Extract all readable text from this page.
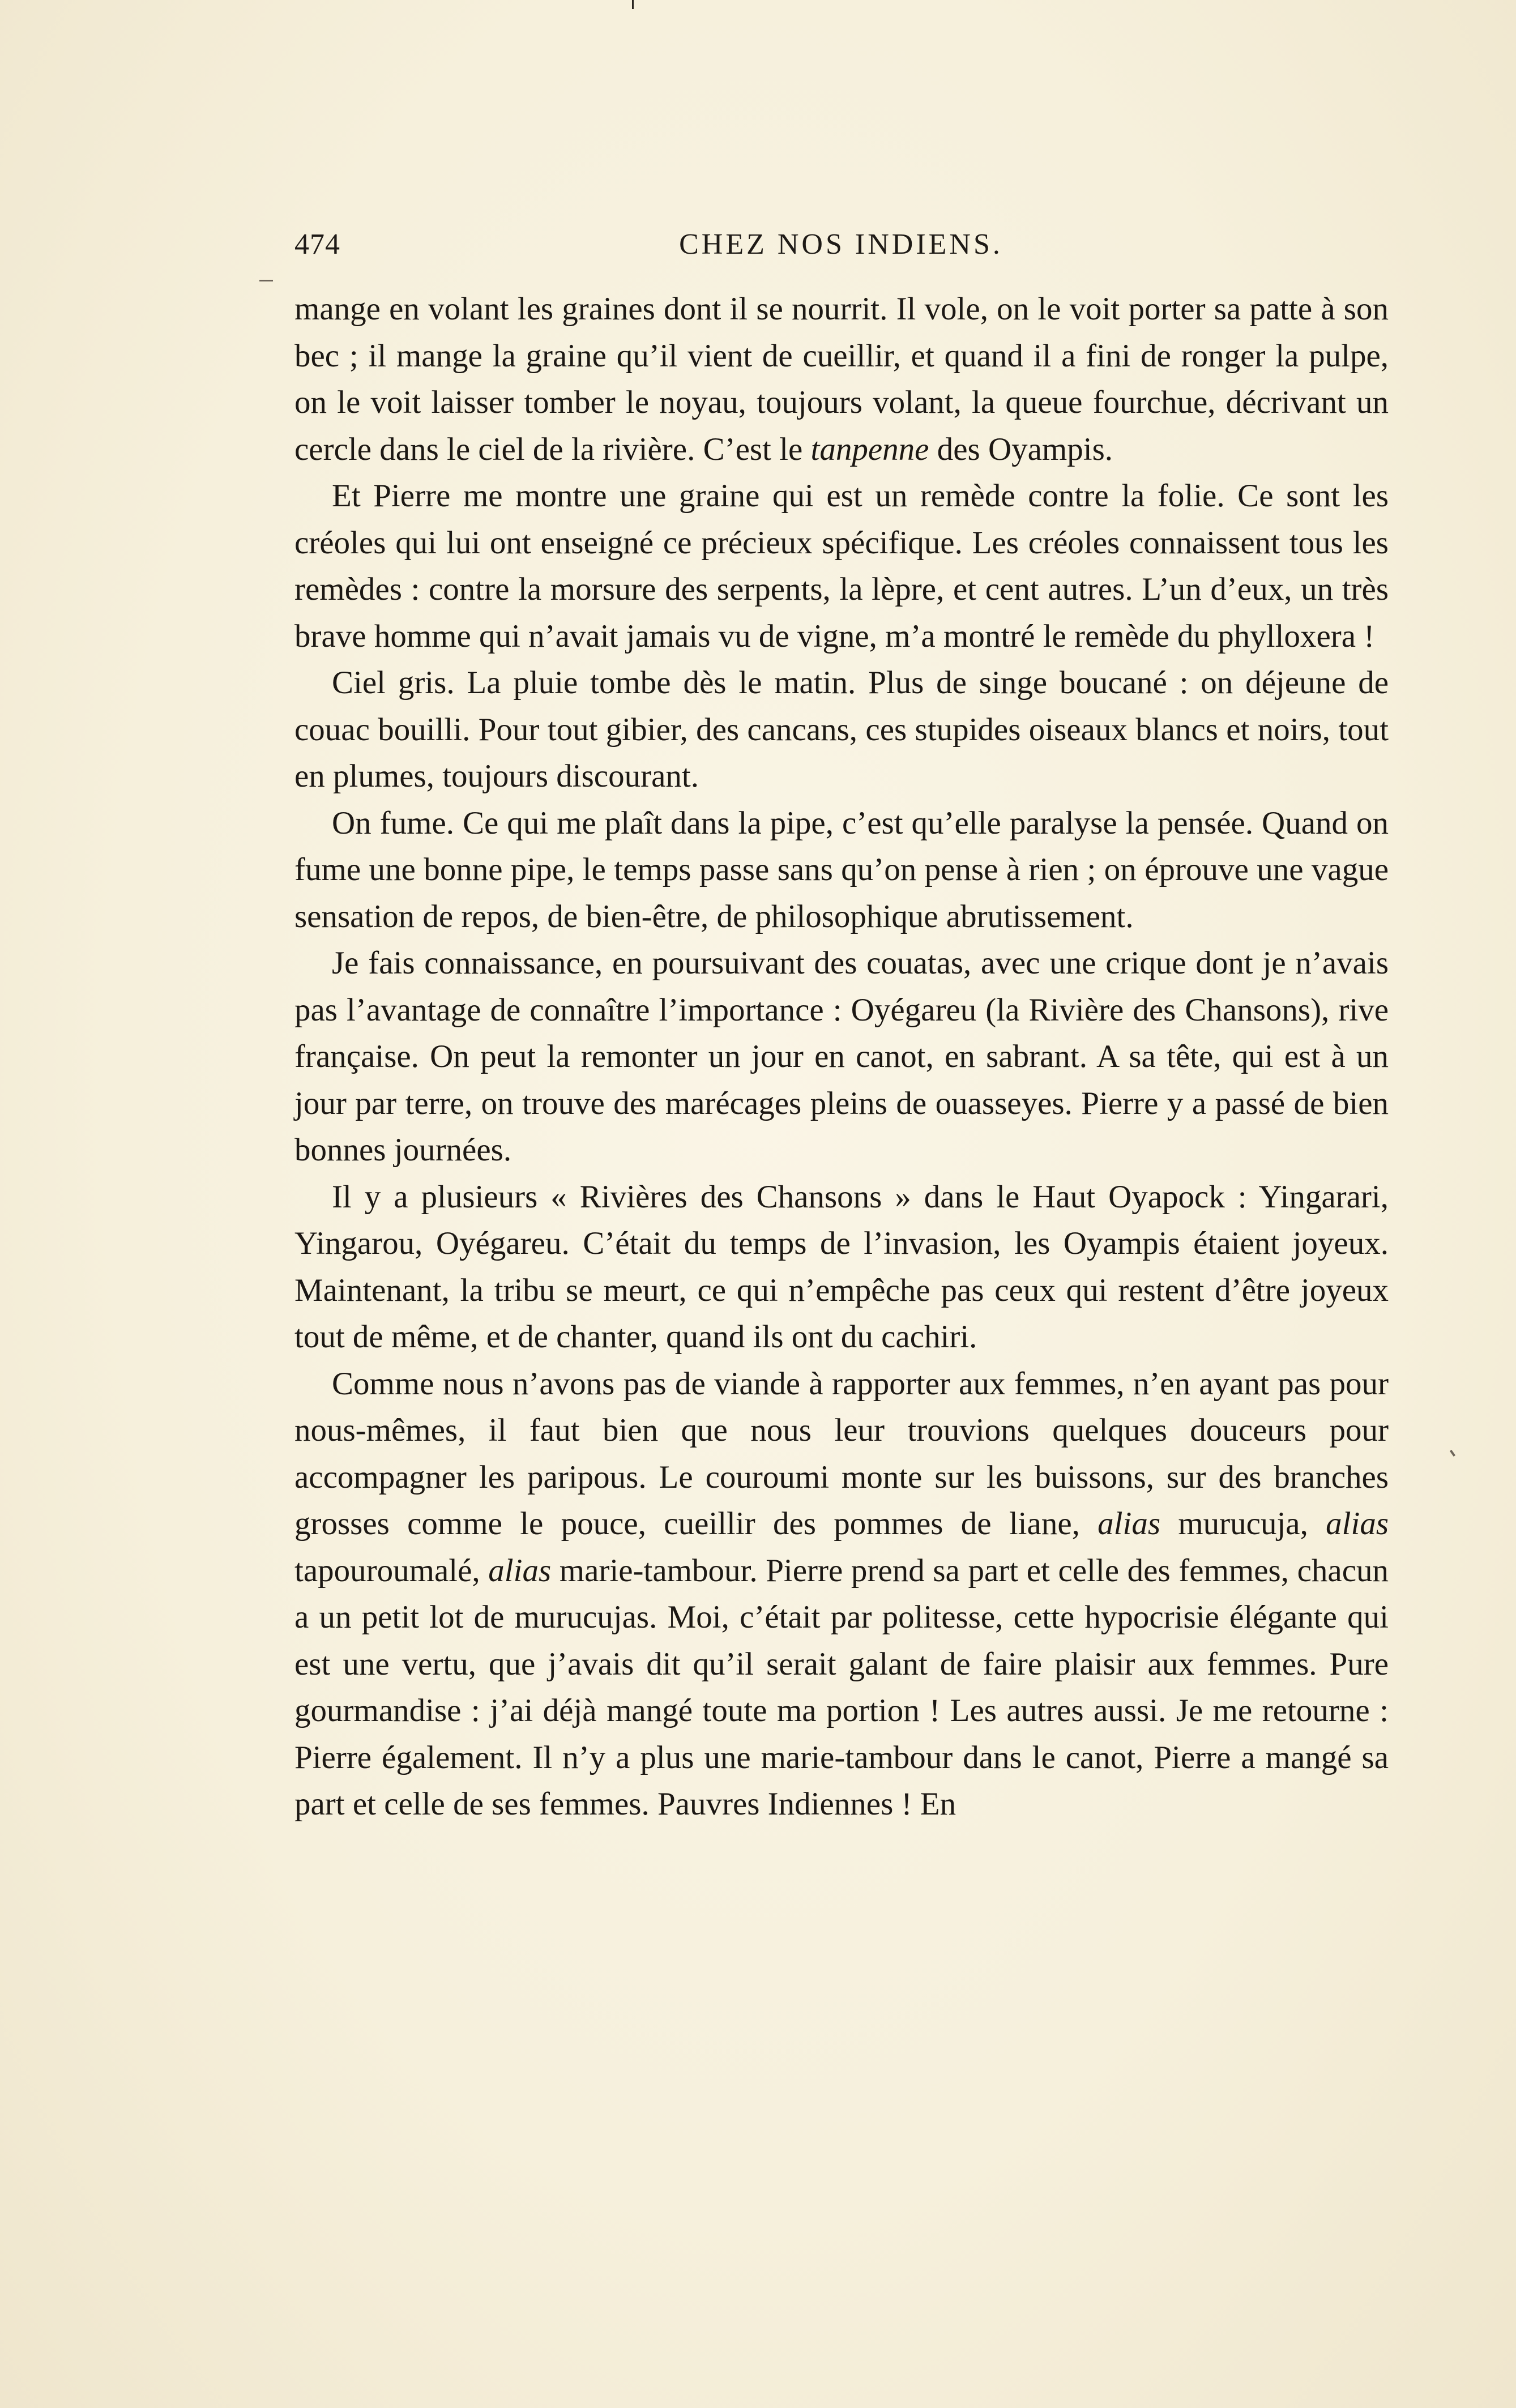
474	CHEZ NOS INDIENS.

mange en volant les graines dont il se nourrit. Il vole, on le voit porter sa patte à son bec ; il mange la graine qu’il vient de cueillir, et quand il a fini de ronger la pulpe, on le voit laisser tomber le noyau, toujours volant, la queue fourchue, décrivant un cercle dans le ciel de la rivière. C’est le tanpenne des Oyampis.

Et Pierre me montre une graine qui est un remède contre la folie. Ce sont les créoles qui lui ont enseigné ce précieux spécifique. Les créoles connaissent tous les remèdes : contre la morsure des serpents, la lèpre, et cent autres. L’un d’eux, un très brave homme qui n’avait jamais vu de vigne, m’a montré le remède du phylloxera !

Ciel gris. La pluie tombe dès le matin. Plus de singe boucané : on déjeune de couac bouilli. Pour tout gibier, des cancans, ces stupides oiseaux blancs et noirs, tout en plumes, toujours discourant.

On fume. Ce qui me plaît dans la pipe, c’est qu’elle paralyse la pensée. Quand on fume une bonne pipe, le temps passe sans qu’on pense à rien ; on éprouve une vague sensation de repos, de bien-être, de philosophique abrutissement.

Je fais connaissance, en poursuivant des couatas, avec une crique dont je n’avais pas l’avantage de connaître l’importance : Oyégareu (la Rivière des Chansons), rive française. On peut la remonter un jour en canot, en sabrant. A sa tête, qui est à un jour par terre, on trouve des marécages pleins de ouasseyes. Pierre y a passé de bien bonnes journées.

Il y a plusieurs « Rivières des Chansons » dans le Haut Oyapock : Yingarari, Yingarou, Oyégareu. C’était du temps de l’invasion, les Oyampis étaient joyeux. Maintenant, la tribu se meurt, ce qui n’empêche pas ceux qui restent d’être joyeux tout de même, et de chanter, quand ils ont du cachiri.

Comme nous n’avons pas de viande à rapporter aux femmes, n’en ayant pas pour nous-mêmes, il faut bien que nous leur trouvions quelques douceurs pour accompagner les paripous. Le couroumi monte sur les buissons, sur des branches grosses comme le pouce, cueillir des pommes de liane, alias murucuja, alias tapouroumalé, alias marie-tambour. Pierre prend sa part et celle des femmes, chacun a un petit lot de murucujas. Moi, c’était par politesse, cette hypocrisie élégante qui est une vertu, que j’avais dit qu’il serait galant de faire plaisir aux femmes. Pure gourmandise : j’ai déjà mangé toute ma portion ! Les autres aussi. Je me retourne : Pierre également. Il n’y a plus une marie-tambour dans le canot, Pierre a mangé sa part et celle de ses femmes. Pauvres Indiennes ! En
